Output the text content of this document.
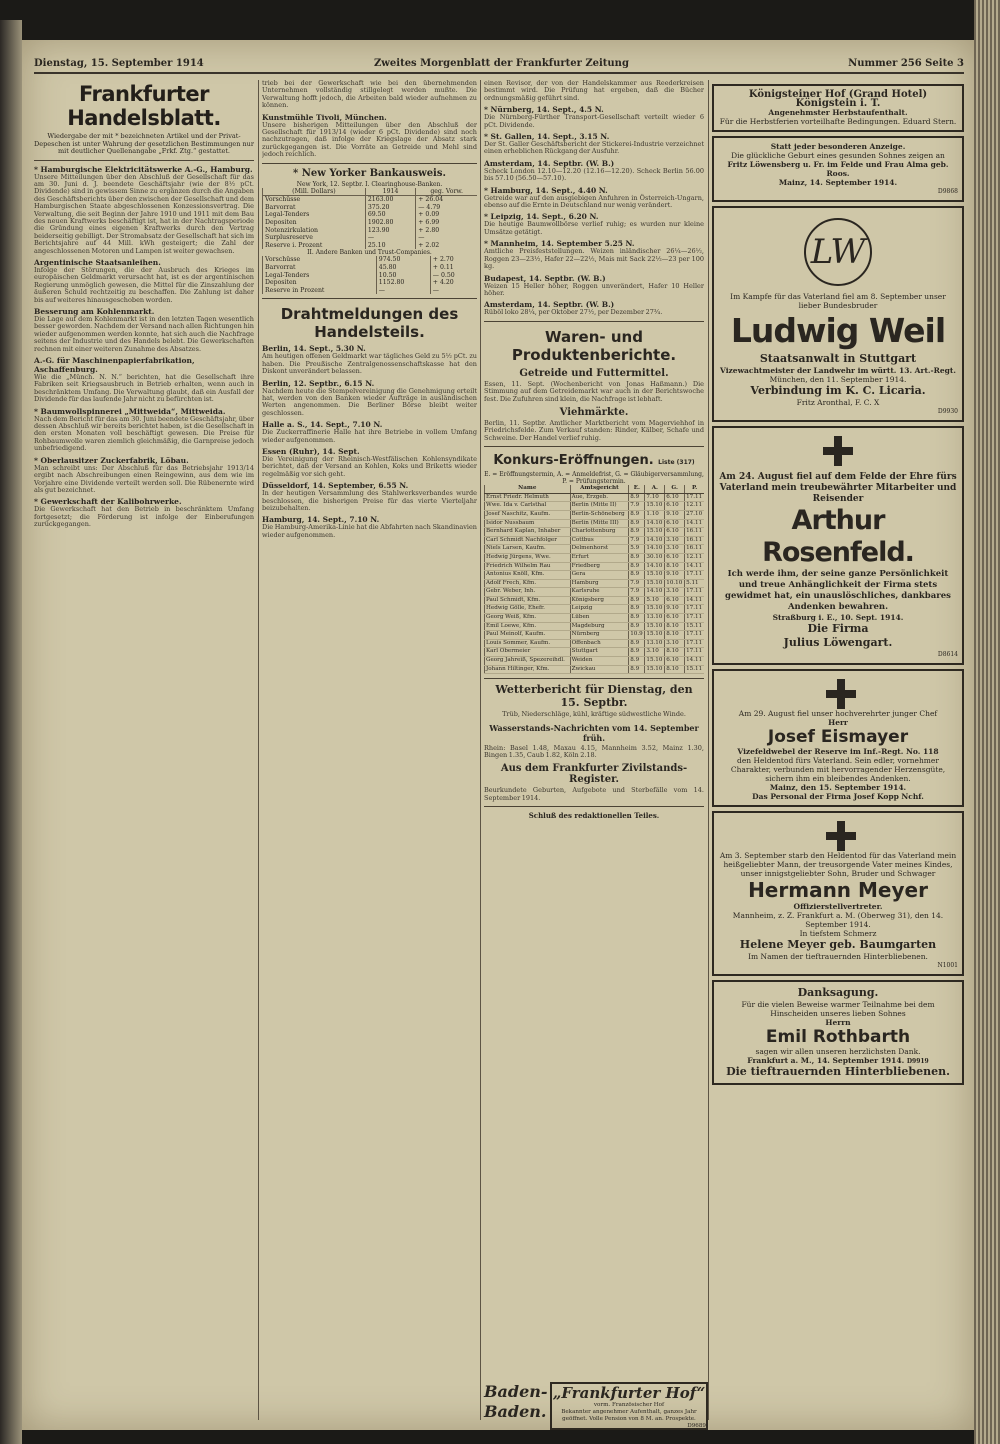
Dienstag, 15. September 1914	Zweites Morgenblatt der Frankfurter Zeitung	Nummer 256 Seite 3
Frankfurter Handelsblatt.
Wiedergabe der mit * bezeichneten Artikel und der Privat-Depeschen ist unter Wahrung der gesetzlichen Bestimmungen nur mit deutlicher Quellenangabe „Frkf. Ztg.“ gestattet.
* Hamburgische Elektricitätswerke A.-G., Hamburg.

Unsere Mitteilungen über den Abschluß der Gesellschaft für das am 30. Juni d. J. beendete Geschäftsjahr (wie der 8½ pCt. Dividende) sind in gewissem Sinne zu ergänzen durch die Angaben des Geschäftsberichts über den zwischen der Gesellschaft und dem Hamburgischen Staate abgeschlossenen Konzessionsvertrag. Die Verwaltung, die seit Beginn der Jahre 1910 und 1911 mit dem Bau des neuen Kraftwerks beschäftigt ist, hat in der Nachtragsperiode die Gründung eines eigenen Kraftwerks durch den Vertrag beiderseitig gebilligt. Der Stromabsatz der Gesellschaft hat sich im Berichtsjahre auf 44 Mill. kWh gesteigert; die Zahl der angeschlossenen Motoren und Lampen ist weiter gewachsen.

Argentinische Staatsanleihen.

Infolge der Störungen, die der Ausbruch des Krieges im europäischen Geldmarkt verursacht hat, ist es der argentinischen Regierung unmöglich gewesen, die Mittel für die Zinszahlung der äußeren Schuld rechtzeitig zu beschaffen. Die Zahlung ist daher bis auf weiteres hinausgeschoben worden.

Besserung am Kohlenmarkt.

Die Lage auf dem Kohlenmarkt ist in den letzten Tagen wesentlich besser geworden. Nachdem der Versand nach allen Richtungen hin wieder aufgenommen werden konnte, hat sich auch die Nachfrage seitens der Industrie und des Handels belebt. Die Gewerkschaften rechnen mit einer weiteren Zunahme des Absatzes.

A.-G. für Maschinenpapierfabrikation, Aschaffenburg.

Wie die „Münch. N. N.“ berichten, hat die Gesellschaft ihre Fabriken seit Kriegsausbruch in Betrieb erhalten, wenn auch in beschränktem Umfang. Die Verwaltung glaubt, daß ein Ausfall der Dividende für das laufende Jahr nicht zu befürchten ist.

* Baumwollspinnerei „Mittweida“, Mittweida.

Nach dem Bericht für das am 30. Juni beendete Geschäftsjahr, über dessen Abschluß wir bereits berichtet haben, ist die Gesellschaft in den ersten Monaten voll beschäftigt gewesen. Die Preise für Rohbaumwolle waren ziemlich gleichmäßig, die Garnpreise jedoch unbefriedigend.

* Oberlausitzer Zuckerfabrik, Löbau.

Man schreibt uns: Der Abschluß für das Betriebsjahr 1913/14 ergibt nach Abschreibungen einen Reingewinn, aus dem wie im Vorjahre eine Dividende verteilt werden soll. Die Rübenernte wird als gut bezeichnet.

* Gewerkschaft der Kalibohrwerke.

Die Gewerkschaft hat den Betrieb in beschränktem Umfang fortgesetzt; die Förderung ist infolge der Einberufungen zurückgegangen.

trieb bei der Gewerkschaft wie bei den übernehmenden Unternehmen vollständig stillgelegt werden mußte. Die Verwaltung hofft jedoch, die Arbeiten bald wieder aufnehmen zu können.

Kunstmühle Tivoli, München.

Unsere bisherigen Mitteilungen über den Abschluß der Gesellschaft für 1913/14 (wieder 6 pCt. Dividende) sind noch nachzutragen, daß infolge der Kriegslage der Absatz stark zurückgegangen ist. Die Vorräte an Getreide und Mehl sind jedoch reichlich.

* New Yorker Bankausweis.
New York, 12. Septbr. I. Clearinghouse-Banken.
(Mill. Dollars)	1914	geg. Vorw.
Vorschüsse	2163.00	+ 26.04
Barvorrat	375.20	— 4.79
Legal-Tenders	69.50	+ 0.09
Depositen	1902.80	+ 6.99
Notenzirkulation	123.90	+ 2.80
Surplusreserve	—	—
Reserve i. Prozent	25.10	+ 2.02
II. Andere Banken und Trust-Companies.
Vorschüsse	974.50	+ 2.70
Barvorrat	45.80	+ 0.11
Legal-Tenders	10.50	— 0.50
Depositen	1152.80	+ 4.20
Reserve in Prozent	—	—
Drahtmeldungen des Handelsteils.
Berlin, 14. Sept., 5.30 N.

Am heutigen offenen Geldmarkt war tägliches Geld zu 5½ pCt. zu haben. Die Preußische Zentralgenossenschaftskasse hat den Diskont unverändert belassen.

Berlin, 12. Septbr., 6.15 N.

Nachdem heute die Stempelvereinigung die Genehmigung erteilt hat, werden von den Banken wieder Aufträge in ausländischen Werten angenommen. Die Berliner Börse bleibt weiter geschlossen.

Halle a. S., 14. Sept., 7.10 N.

Die Zuckerraffinerie Halle hat ihre Betriebe in vollem Umfang wieder aufgenommen.

Essen (Ruhr), 14. Sept.

Die Vereinigung der Rheinisch-Westfälischen Kohlensyndikate berichtet, daß der Versand an Kohlen, Koks und Briketts wieder regelmäßig vor sich geht.

Düsseldorf, 14. September, 6.55 N.

In der heutigen Versammlung des Stahlwerksverbandes wurde beschlossen, die bisherigen Preise für das vierte Vierteljahr beizubehalten.

Hamburg, 14. Sept., 7.10 N.

Die Hamburg-Amerika-Linie hat die Abfahrten nach Skandinavien wieder aufgenommen.

einen Revisor, der von der Handelskammer aus Reederkreisen bestimmt wird. Die Prüfung hat ergeben, daß die Bücher ordnungsmäßig geführt sind.

* Nürnberg, 14. Sept., 4.5 N.

Die Nürnberg-Fürther Transport-Gesellschaft verteilt wieder 6 pCt. Dividende.

* St. Gallen, 14. Sept., 3.15 N.

Der St. Galler Geschäftsbericht der Stickerei-Industrie verzeichnet einen erheblichen Rückgang der Ausfuhr.

Amsterdam, 14. Septbr. (W. B.)

Scheck London 12.10—12.20 (12.16—12.20). Scheck Berlin 56.00 bis 57.10 (56.50—57.10).

* Hamburg, 14. Sept., 4.40 N.

Getreide war auf den ausgiebigen Anfuhren in Österreich-Ungarn, ebenso auf die Ernte in Deutschland nur wenig verändert.

* Leipzig, 14. Sept., 6.20 N.

Die heutige Baumwollbörse verlief ruhig; es wurden nur kleine Umsätze getätigt.

* Mannheim, 14. September 5.25 N.

Amtliche Preisfeststellungen. Weizen inländischer 26¼—26½, Roggen 23—23½, Hafer 22—22½, Mais mit Sack 22½—23 per 100 kg.

Budapest, 14. Septbr. (W. B.)

Weizen 15 Heller höher, Roggen unverändert, Hafer 10 Heller höher.

Amsterdam, 14. Septbr. (W. B.)

Rüböl loko 28¼, per Oktober 27½, per Dezember 27¾.

Waren- und Produktenberichte.
Getreide und Futtermittel.

Essen, 11. Sept. (Wochenbericht von Jonas Haßmann.) Die Stimmung auf dem Getreidemarkt war auch in der Berichtswoche fest. Die Zufuhren sind klein, die Nachfrage ist lebhaft.

Viehmärkte.

Berlin, 11. Septbr. Amtlicher Marktbericht vom Magerviehhof in Friedrichsfelde. Zum Verkauf standen: Rinder, Kälber, Schafe und Schweine. Der Handel verlief ruhig.

Konkurs-Eröffnungen. Liste (317)
E. = Eröffnungstermin, A. = Anmeldefrist, G. = Gläubigerversammlung, P. = Prüfungstermin.
Name	Amtsgericht	E.	A.	G.	P.
Ernst Friedr. Helmuth	Aue, Erzgeb.	8.9	7.10	6.10	17.11
Wwe. Ida v. Carlsthal	Berlin (Mitte II)	7.9	15.10	6.10	12.11
Josef Naschitz, Kaufm.	Berlin-Schöneberg	8.9	1.10	9.10	27.10
Isidor Nussbaum	Berlin (Mitte III)	8.9	14.10	6.10	14.11
Bernhard Kaplan, Inhaber	Charlottenburg	8.9	15.10	6.10	16.11
Carl Schmidt Nachfolger	Cottbus	7.9	14.10	3.10	16.11
Niels Larsen, Kaufm.	Delmenhorst	5.9	14.10	3.10	16.11
Hedwig Jürgens, Wwe.	Erfurt	8.9	30.10	6.10	12.11
Friedrich Wilhelm Rau	Friedberg	8.9	14.10	8.10	14.11
Antonius Knöll, Kfm.	Gera	8.9	15.10	9.10	17.11
Adolf Frech, Kfm.	Hamburg	7.9	15.10	10.10	5.11
Gebr. Weber, Inh.	Karlsruhe	7.9	14.10	3.10	17.11
Paul Schmidt, Kfm.	Königsberg	8.9	5.10	6.10	14.11
Hedwig Gölle, Ehefr.	Leipzig	8.9	15.10	9.10	17.11
Georg Weiß, Kfm.	Lüben	8.9	13.10	6.10	17.11
Emil Loewe, Kfm.	Magdeburg	8.9	15.10	8.10	15.11
Paul Meinolf, Kaufm.	Nürnberg	10.9	15.10	8.10	17.11
Louis Sommer, Kaufm.	Offenbach	8.9	13.10	3.10	17.11
Karl Obermeier	Stuttgart	8.9	3.10	8.10	17.11
Georg Jahreiß, Spezereihdl.	Weiden	8.9	15.10	6.10	14.11
Johann Hiltinger, Kfm.	Zwickau	8.9	15.10	8.10	15.11
Wetterbericht für Dienstag, den 15. Septbr.

Trüb, Niederschläge, kühl, kräftige südwestliche Winde.

Wasserstands-Nachrichten vom 14. September früh.

Rhein: Basel 1.48, Maxau 4.15, Mannheim 3.52, Mainz 1.30, Bingen 1.35, Caub 1.82, Köln 2.18.

Aus dem Frankfurter Zivilstands-Register.

Beurkundete Geburten, Aufgebote und Sterbefälle vom 14. September 1914.

Schluß des redaktionellen Teiles.
Baden-
Baden.
„Frankfurter Hof“
vorm. Französischer Hof
Bekannter angenehmer Aufenthalt, ganzes Jahr geöffnet. Volle Pension von 8 M. an. Prospekte.
D9689
Königsteiner Hof (Grand Hotel) Königstein i. T.
Angenehmster Herbstaufenthalt.
Für die Herbstferien vorteilhafte Bedingungen. Eduard Stern.
Statt jeder besonderen Anzeige.
Die glückliche Geburt eines gesunden Sohnes zeigen an
Fritz Löwensberg u. Fr. im Felde und Frau Alma geb. Roos.
Mainz, 14. September 1914.
D9868
LW
Im Kampfe für das Vaterland fiel am 8. September unser lieber Bundesbruder
Ludwig Weil
Staatsanwalt in Stuttgart
Vizewachtmeister der Landwehr im württ. 13. Art.-Regt.
München, den 11. September 1914.
Verbindung im K. C. Licaria.
Fritz Aronthal, F. C. X
D9930
Am 24. August fiel auf dem Felde der Ehre fürs Vaterland mein treubewährter Mitarbeiter und Reisender
Arthur Rosenfeld.
Ich werde ihm, der seine ganze Persönlichkeit und treue Anhänglichkeit der Firma stets gewidmet hat, ein unauslöschliches, dankbares Andenken bewahren.
Straßburg i. E., 10. Sept. 1914.
Die Firma
Julius Löwengart.
D8614
Am 29. August fiel unser hochverehrter junger Chef
Herr
Josef Eismayer
Vizefeldwebel der Reserve im Inf.-Regt. No. 118
den Heldentod fürs Vaterland. Sein edler, vornehmer Charakter, verbunden mit hervorragender Herzensgüte, sichern ihm ein bleibendes Andenken.
Mainz, den 15. September 1914.
Das Personal der Firma Josef Kopp Nchf.
Am 3. September starb den Heldentod für das Vaterland mein heißgeliebter Mann, der treusorgende Vater meines Kindes, unser innigstgeliebter Sohn, Bruder und Schwager
Hermann Meyer
Offizierstellvertreter.
Mannheim, z. Z. Frankfurt a. M. (Oberweg 31), den 14. September 1914.
In tiefstem Schmerz
Helene Meyer geb. Baumgarten
Im Namen der tieftrauernden Hinterbliebenen.
N1001
Danksagung.
Für die vielen Beweise warmer Teilnahme bei dem Hinscheiden unseres lieben Sohnes
Herrn
Emil Rothbarth
sagen wir allen unseren herzlichsten Dank.
Frankfurt a. M., 14. September 1914. D9919
Die tieftrauernden Hinterbliebenen.
